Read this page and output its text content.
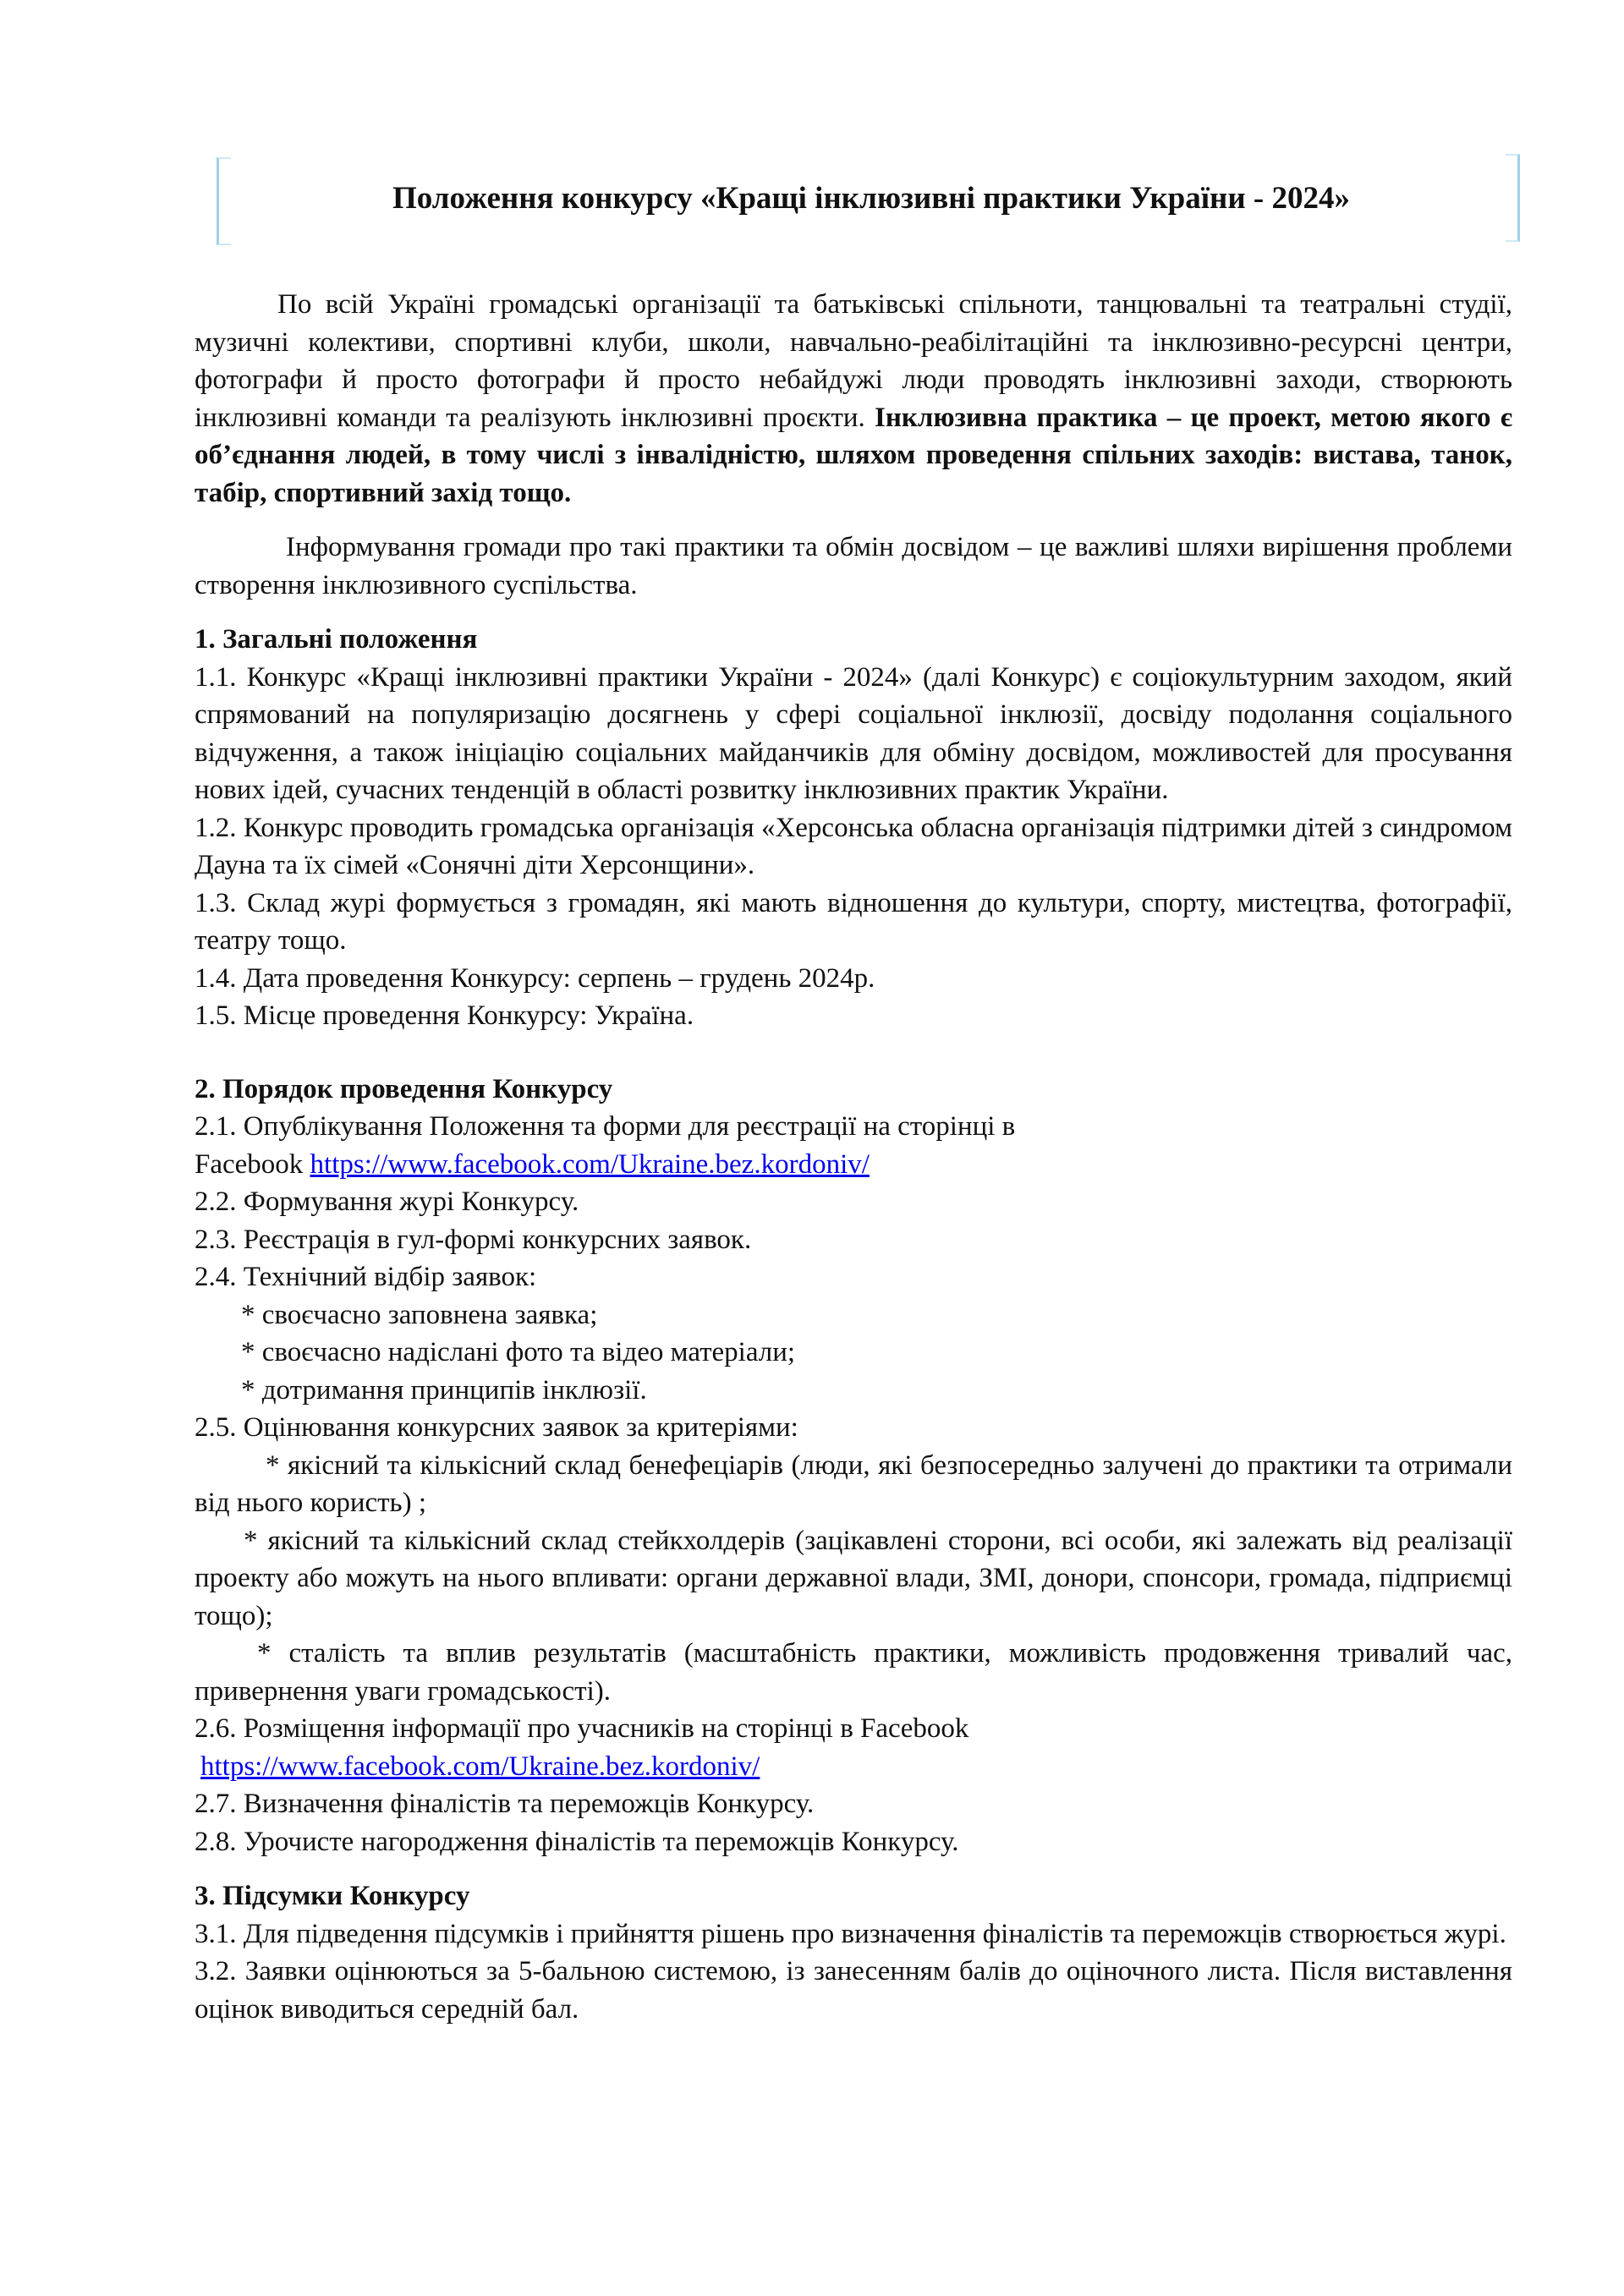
Положення конкурсу «Кращі інклюзивні практики України - 2024»

По всій Україні громадські організації та батьківські спільноти, танцювальні та театральні студії, музичні колективи, спортивні клуби, школи, навчально-реабілітаційні та інклюзивно-ресурсні центри, фотографи й просто фотографи й просто небайдужі люди проводять інклюзивні заходи, створюють інклюзивні команди та реалізують інклюзивні проєкти. Інклюзивна практика – це проект, метою якого є об’єднання людей, в тому числі з інвалідністю, шляхом проведення спільних заходів: вистава, танок, табір, спортивний захід тощо.

Інформування громади про такі практики та обмін досвідом – це важливі шляхи вирішення проблеми створення інклюзивного суспільства.

1. Загальні положення

1.1. Конкурс «Кращі інклюзивні практики України - 2024» (далі Конкурс) є соціокультурним заходом, який спрямований на популяризацію досягнень у сфері соціальної інклюзії, досвіду подолання соціального відчуження, а також ініціацію соціальних майданчиків для обміну досвідом, можливостей для просування нових ідей, сучасних тенденцій в області розвитку інклюзивних практик України.

1.2. Конкурс проводить громадська організація «Херсонська обласна організація підтримки дітей з синдромом Дауна та їх сімей «Сонячні діти Херсонщини».

1.3. Склад журі формується з громадян, які мають відношення до культури, спорту, мистецтва, фотографії, театру тощо.

1.4. Дата проведення Конкурсу: серпень – грудень 2024р.

1.5. Місце проведення Конкурсу: Україна.

2. Порядок проведення Конкурсу

2.1. Опублікування Положення та форми для реєстрації на сторінці в

Facebook https://www.facebook.com/Ukraine.bez.kordoniv/

2.2. Формування журі Конкурсу.

2.3. Реєстрація в гул-формі конкурсних заявок.

2.4. Технічний відбір заявок:

* своєчасно заповнена заявка;

* своєчасно надіслані фото та відео матеріали;

* дотримання принципів інклюзії.

2.5. Оцінювання конкурсних заявок за критеріями:

* якісний та кількісний склад бенефеціарів (люди, які безпосередньо залучені до практики та отримали від нього користь) ;

* якісний та кількісний склад стейкхолдерів (зацікавлені сторони, всі особи, які залежать від реалізації проекту або можуть на нього впливати: органи державної влади, ЗМІ, донори, спонсори, громада, підприємці тощо);

* сталість та вплив результатів (масштабність практики, можливість продовження тривалий час, привернення уваги громадськості).

2.6. Розміщення інформації про учасників на сторінці в Facebook

https://www.facebook.com/Ukraine.bez.kordoniv/

2.7. Визначення фіналістів та переможців Конкурсу.

2.8. Урочисте нагородження фіналістів та переможців Конкурсу.

3. Підсумки Конкурсу

3.1. Для підведення підсумків і прийняття рішень про визначення фіналістів та переможців створюється журі.

3.2. Заявки оцінюються за 5-бальною системою, із занесенням балів до оціночного листа. Після виставлення оцінок виводиться середній бал.
